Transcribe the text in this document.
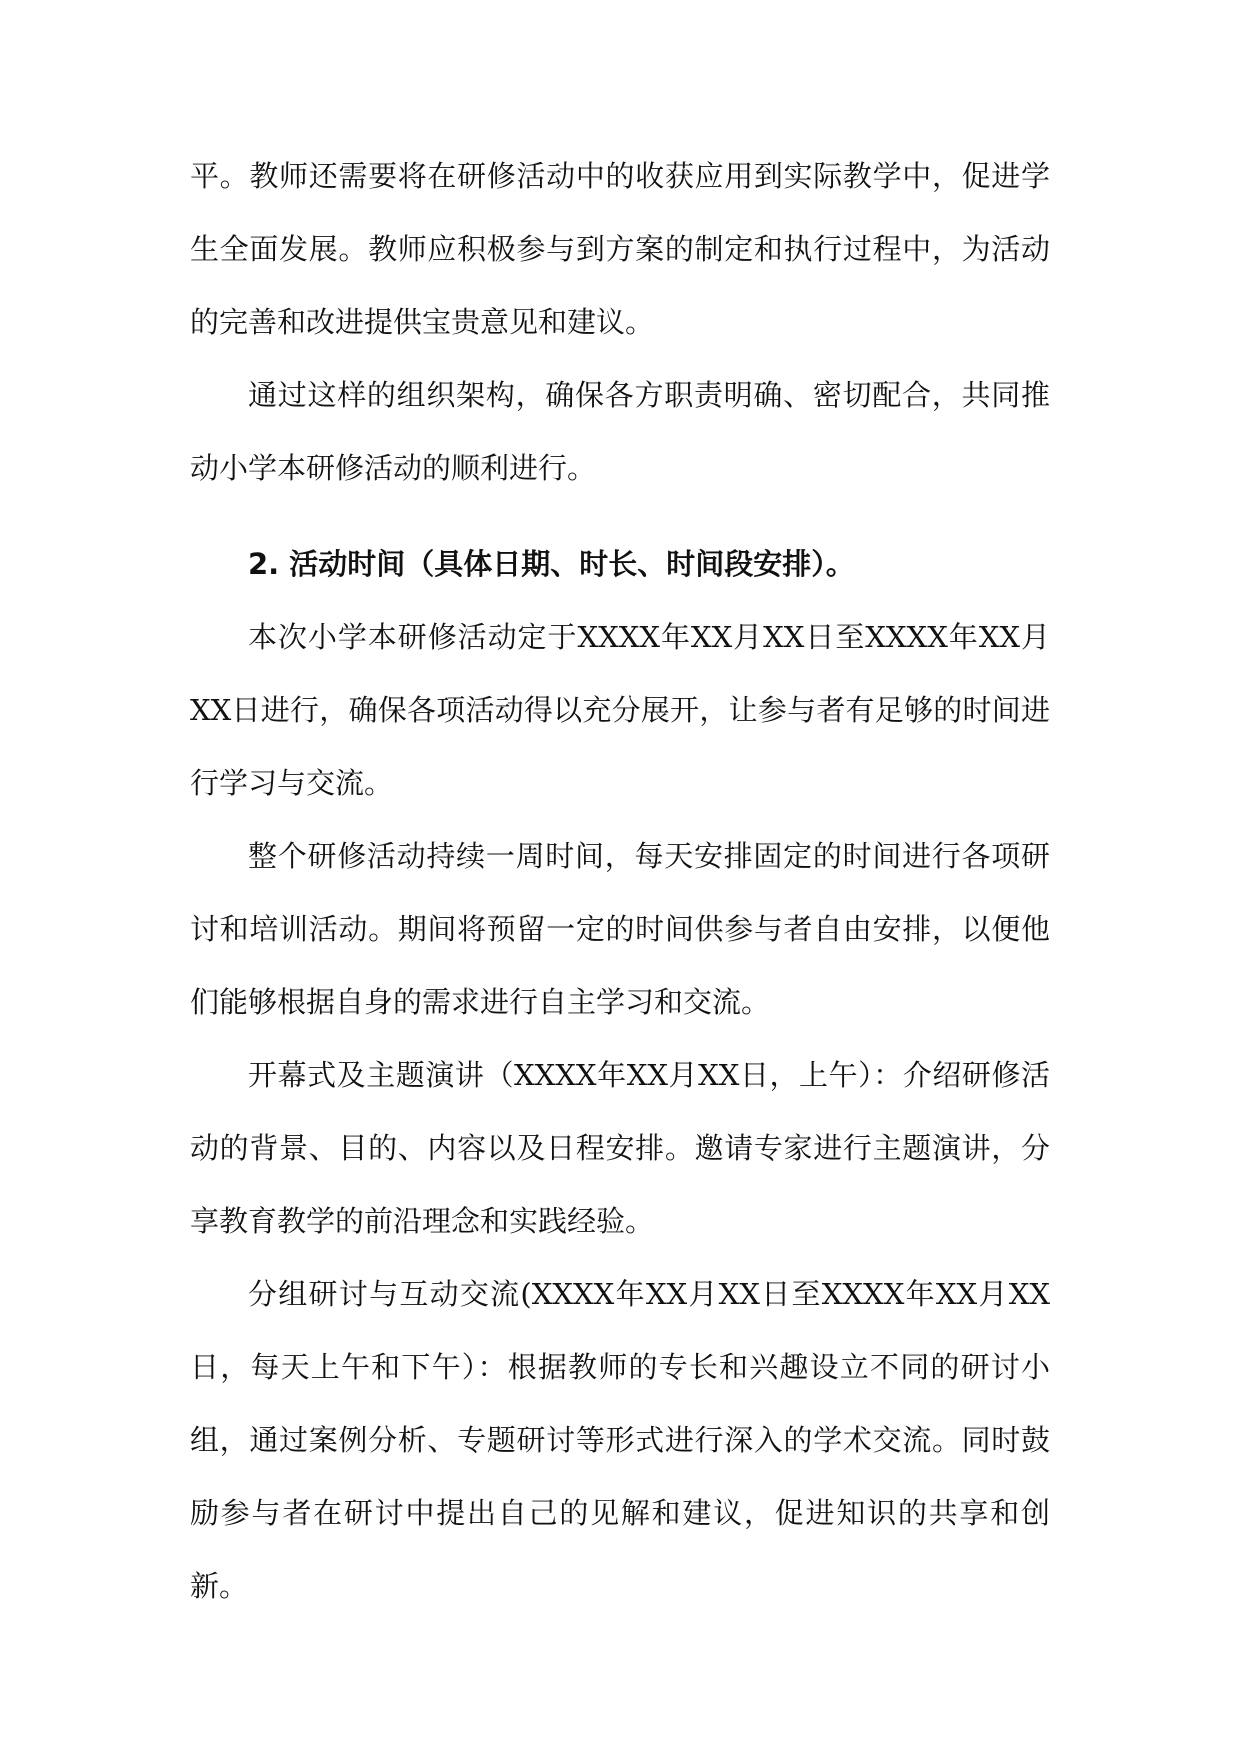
平。教师还需要将在研修活动中的收获应用到实际教学中，促进学生全面发展。教师应积极参与到方案的制定和执行过程中，为活动的完善和改进提供宝贵意见和建议。

通过这样的组织架构，确保各方职责明确、密切配合，共同推动小学本研修活动的顺利进行。

2. 活动时间（具体日期、时长、时间段安排）。

本次小学本研修活动定于XXXX年XX月XX日至XXXX年XX月XX日进行，确保各项活动得以充分展开，让参与者有足够的时间进行学习与交流。

整个研修活动持续一周时间，每天安排固定的时间进行各项研讨和培训活动。期间将预留一定的时间供参与者自由安排，以便他们能够根据自身的需求进行自主学习和交流。

开幕式及主题演讲（XXXX年XX月XX日，上午）：介绍研修活动的背景、目的、内容以及日程安排。邀请专家进行主题演讲，分享教育教学的前沿理念和实践经验。

分组研讨与互动交流(XXXX年XX月XX日至XXXX年XX月XX日，每天上午和下午）：根据教师的专长和兴趣设立不同的研讨小组，通过案例分析、专题研讨等形式进行深入的学术交流。同时鼓励参与者在研讨中提出自己的见解和建议，促进知识的共享和创新。
